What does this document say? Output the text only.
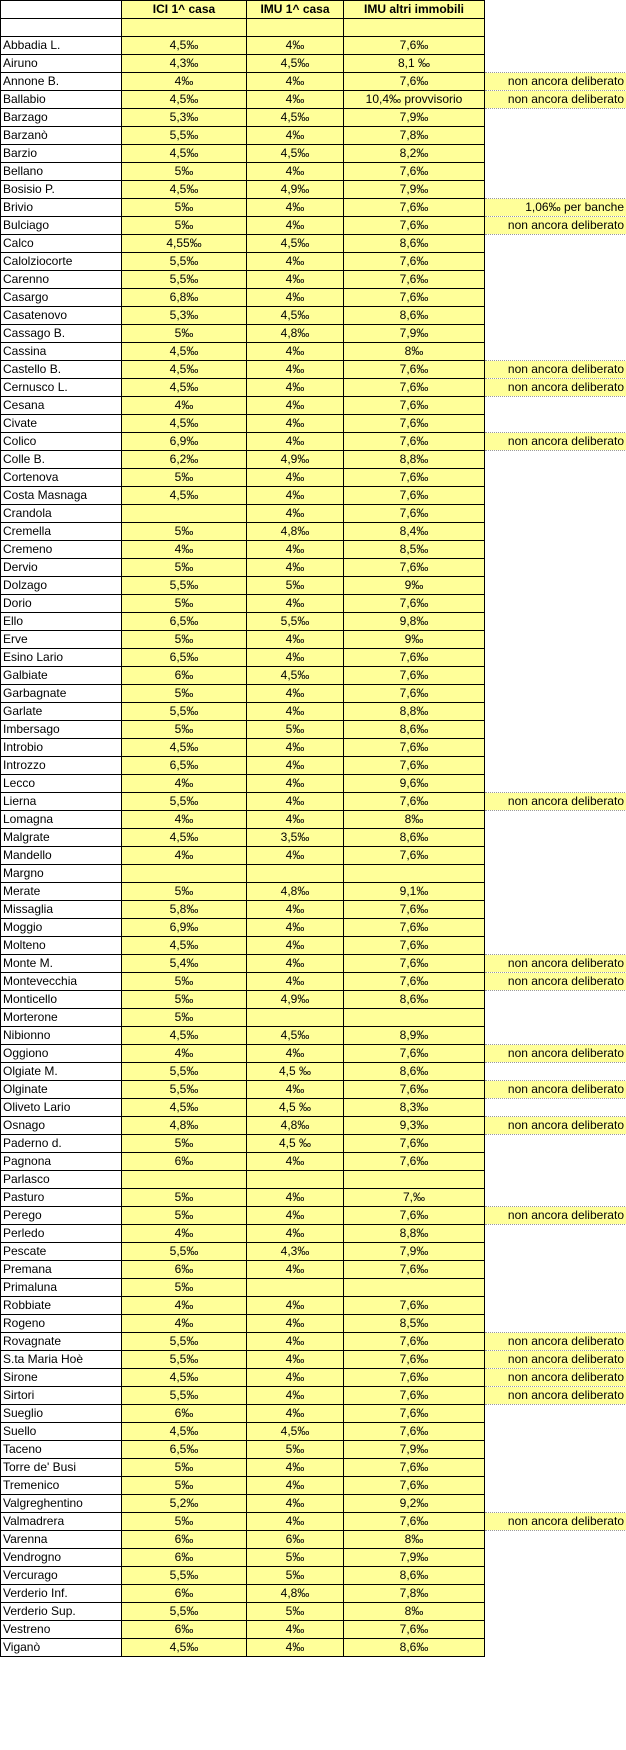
	ICI 1^ casa	IMU 1^ casa	IMU altri immobili	

Abbadia L.	4,5‰	4‰	7,6‰	
Airuno	4,3‰	4,5‰	8,1 ‰	
Annone B.	4‰	4‰	7,6‰	non ancora deliberato
Ballabio	4,5‰	4‰	10,4‰ provvisorio	non ancora deliberato
Barzago	5,3‰	4,5‰	7,9‰	
Barzanò	5,5‰	4‰	7,8‰	
Barzio	4,5‰	4,5‰	8,2‰	
Bellano	5‰	4‰	7,6‰	
Bosisio P.	4,5‰	4,9‰	7,9‰	
Brivio	5‰	4‰	7,6‰	1,06‰ per banche
Bulciago	5‰	4‰	7,6‰	non ancora deliberato
Calco	4,55‰	4,5‰	8,6‰	
Calolziocorte	5,5‰	4‰	7,6‰	
Carenno	5,5‰	4‰	7,6‰	
Casargo	6,8‰	4‰	7,6‰	
Casatenovo	5,3‰	4,5‰	8,6‰	
Cassago B.	5‰	4,8‰	7,9‰	
Cassina	4,5‰	4‰	8‰	
Castello B.	4,5‰	4‰	7,6‰	non ancora deliberato
Cernusco L.	4,5‰	4‰	7,6‰	non ancora deliberato
Cesana	4‰	4‰	7,6‰	
Civate	4,5‰	4‰	7,6‰	
Colico	6,9‰	4‰	7,6‰	non ancora deliberato
Colle B.	6,2‰	4,9‰	8,8‰	
Cortenova	5‰	4‰	7,6‰	
Costa Masnaga	4,5‰	4‰	7,6‰	
Crandola		4‰	7,6‰	
Cremella	5‰	4,8‰	8,4‰	
Cremeno	4‰	4‰	8,5‰	
Dervio	5‰	4‰	7,6‰	
Dolzago	5,5‰	5‰	9‰	
Dorio	5‰	4‰	7,6‰	
Ello	6,5‰	5,5‰	9,8‰	
Erve	5‰	4‰	9‰	
Esino Lario	6,5‰	4‰	7,6‰	
Galbiate	6‰	4,5‰	7,6‰	
Garbagnate	5‰	4‰	7,6‰	
Garlate	5,5‰	4‰	8,8‰	
Imbersago	5‰	5‰	8,6‰	
Introbio	4,5‰	4‰	7,6‰	
Introzzo	6,5‰	4‰	7,6‰	
Lecco	4‰	4‰	9,6‰	
Lierna	5,5‰	4‰	7,6‰	non ancora deliberato
Lomagna	4‰	4‰	8‰	
Malgrate	4,5‰	3,5‰	8,6‰	
Mandello	4‰	4‰	7,6‰	
Margno				
Merate	5‰	4,8‰	9,1‰	
Missaglia	5,8‰	4‰	7,6‰	
Moggio	6,9‰	4‰	7,6‰	
Molteno	4,5‰	4‰	7,6‰	
Monte M.	5,4‰	4‰	7,6‰	non ancora deliberato
Montevecchia	5‰	4‰	7,6‰	non ancora deliberato
Monticello	5‰	4,9‰	8,6‰	
Morterone	5‰			
Nibionno	4,5‰	4,5‰	8,9‰	
Oggiono	4‰	4‰	7,6‰	non ancora deliberato
Olgiate M.	5,5‰	4,5 ‰	8,6‰	
Olginate	5,5‰	4‰	7,6‰	non ancora deliberato
Oliveto Lario	4,5‰	4,5 ‰	8,3‰	
Osnago	4,8‰	4,8‰	9,3‰	non ancora deliberato
Paderno d.	5‰	4,5 ‰	7,6‰	
Pagnona	6‰	4‰	7,6‰	
Parlasco				
Pasturo	5‰	4‰	7,‰	
Perego	5‰	4‰	7,6‰	non ancora deliberato
Perledo	4‰	4‰	8,8‰	
Pescate	5,5‰	4,3‰	7,9‰	
Premana	6‰	4‰	7,6‰	
Primaluna	5‰			
Robbiate	4‰	4‰	7,6‰	
Rogeno	4‰	4‰	8,5‰	
Rovagnate	5,5‰	4‰	7,6‰	non ancora deliberato
S.ta Maria Hoè	5,5‰	4‰	7,6‰	non ancora deliberato
Sirone	4,5‰	4‰	7,6‰	non ancora deliberato
Sirtori	5,5‰	4‰	7,6‰	non ancora deliberato
Sueglio	6‰	4‰	7,6‰	
Suello	4,5‰	4,5‰	7,6‰	
Taceno	6,5‰	5‰	7,9‰	
Torre de' Busi	5‰	4‰	7,6‰	
Tremenico	5‰	4‰	7,6‰	
Valgreghentino	5,2‰	4‰	9,2‰	
Valmadrera	5‰	4‰	7,6‰	non ancora deliberato
Varenna	6‰	6‰	8‰	
Vendrogno	6‰	5‰	7,9‰	
Vercurago	5,5‰	5‰	8,6‰	
Verderio Inf.	6‰	4,8‰	7,8‰	
Verderio Sup.	5,5‰	5‰	8‰	
Vestreno	6‰	4‰	7,6‰	
Viganò	4,5‰	4‰	8,6‰	
